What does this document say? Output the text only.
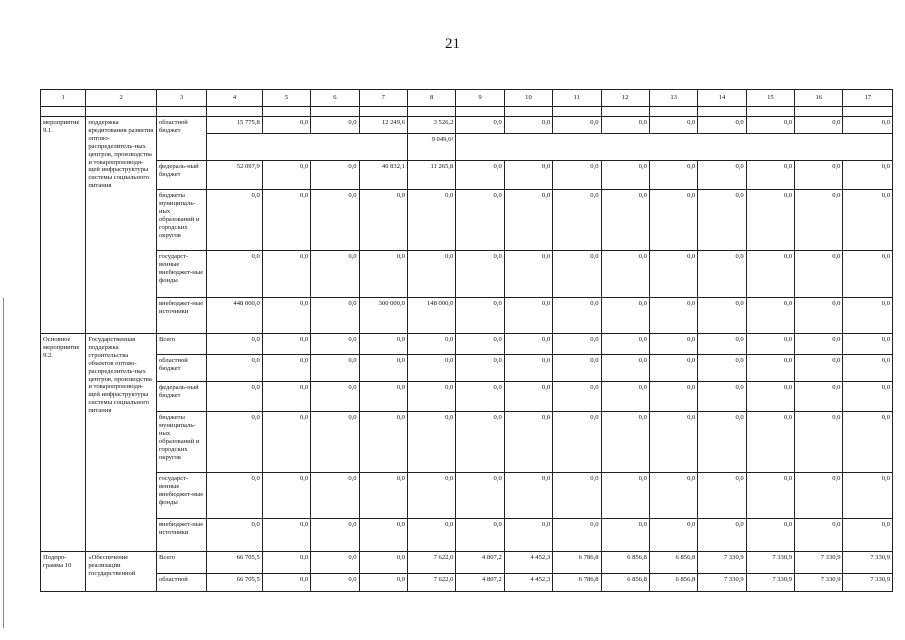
21
1	2	3	4	5	6	7	8	9	10	11	12	13	14	15	16	17

мероприятие 9.1.	поддержка кредитования развития оптово-распределитель-ных центров, производства и товаропроизводя-щей инфраструктуры системы социального питания	областной бюджет	15 775,8	0,0	0,0	12 249,6	3 526,2	0,0	0,0	0,0	0,0	0,0	0,0	0,0	0,0	0,0
							9 049,6³									
		федераль-ный бюджет	52 097,9	0,0	0,0	40 832,1	11 265,8	0,0	0,0	0,0	0,0	0,0	0,0	0,0	0,0	0,0
		бюджеты муниципаль-ных образований и городских округов	0,0	0,0	0,0	0,0	0,0	0,0	0,0	0,0	0,0	0,0	0,0	0,0	0,0	0,0
		государст-венные внебюджет-ные фонды	0,0	0,0	0,0	0,0	0,0	0,0	0,0	0,0	0,0	0,0	0,0	0,0	0,0	0,0
		внебюджет-ные источники	448 000,0	0,0	0,0	300 000,0	148 000,0	0,0	0,0	0,0	0,0	0,0	0,0	0,0	0,0	0,0
Основное мероприятие 9.2.	Государственная поддержка строительства объектов оптово-распределитель-ных центров, производства и товаропроизводя-щей инфраструктуры системы социального питания	Всего	0,0	0,0	0,0	0,0	0,0	0,0	0,0	0,0	0,0	0,0	0,0	0,0	0,0	0,0
		областной бюджет	0,0	0,0	0,0	0,0	0,0	0,0	0,0	0,0	0,0	0,0	0,0	0,0	0,0	0,0
		федераль-ный бюджет	0,0	0,0	0,0	0,0	0,0	0,0	0,0	0,0	0,0	0,0	0,0	0,0	0,0	0,0
		бюджеты муниципаль-ных образований и городских округов	0,0	0,0	0,0	0,0	0,0	0,0	0,0	0,0	0,0	0,0	0,0	0,0	0,0	0,0
		государст-венные внебюджет-ные фонды	0,0	0,0	0,0	0,0	0,0	0,0	0,0	0,0	0,0	0,0	0,0	0,0	0,0	0,0
		внебюджет-ные источники	0,0	0,0	0,0	0,0	0,0	0,0	0,0	0,0	0,0	0,0	0,0	0,0	0,0	0,0
Подпро-грамма 10	«Обеспечение реализации государственной	Всего	66 705,5	0,0	0,0	0,0	7 622,0	4 807,2	4 452,3	6 786,8	6 856,8	6 856,8	7 330,9	7 330,9	7 330,9	7 330,9
		областной	66 705,5	0,0	0,0	0,0	7 622,0	4 807,2	4 452,3	6 786,8	6 856,8	6 856,8	7 330,9	7 330,9	7 330,9	7 330,9
